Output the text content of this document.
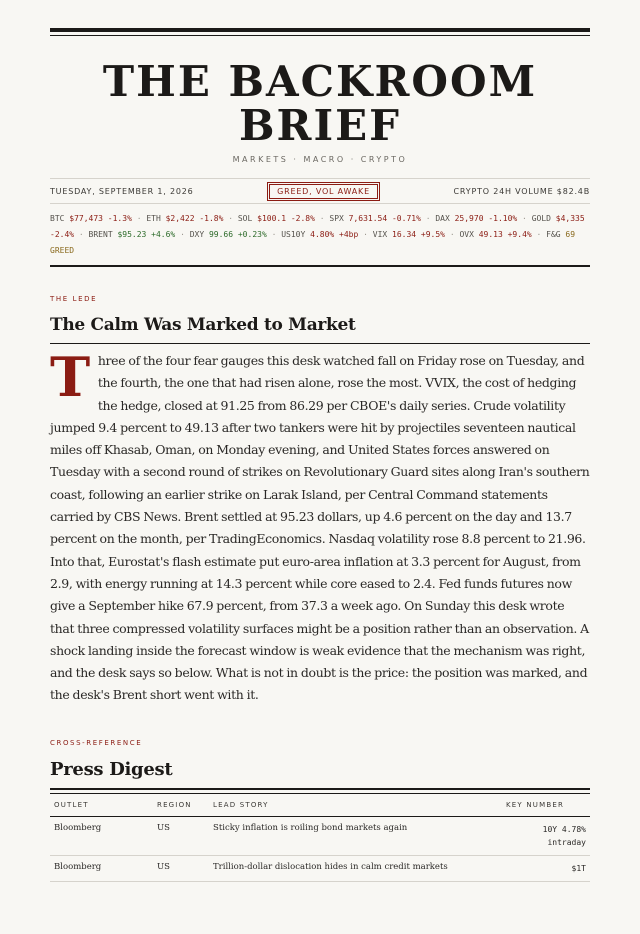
THE BACKROOM
BRIEF
MARKETS · MACRO · CRYPTO
TUESDAY, SEPTEMBER 1, 2026	GREED, VOL AWAKE	CRYPTO 24H VOLUME $82.4B
BTC $77,473 -1.3% · ETH $2,422 -1.8% · SOL $100.1 -2.8% · SPX 7,631.54 -0.71% · DAX 25,970 -1.10% · GOLD $4,335 -2.4% · BRENT $95.23 +4.6% · DXY 99.66 +0.23% · US10Y 4.80% +4bp · VIX 16.34 +9.5% · OVX 49.13 +9.4% · F&G 69 GREED
THE LEDE
The Calm Was Marked to Market
Three of the four fear gauges this desk watched fall on Friday rose on Tuesday, and the fourth, the one that had risen alone, rose the most. VVIX, the cost of hedging the hedge, closed at 91.25 from 86.29 per CBOE's daily series. Crude volatility jumped 9.4 percent to 49.13 after two tankers were hit by projectiles seventeen nautical miles off Khasab, Oman, on Monday evening, and United States forces answered on Tuesday with a second round of strikes on Revolutionary Guard sites along Iran's southern coast, following an earlier strike on Larak Island, per Central Command statements carried by CBS News. Brent settled at 95.23 dollars, up 4.6 percent on the day and 13.7 percent on the month, per TradingEconomics. Nasdaq volatility rose 8.8 percent to 21.96. Into that, Eurostat's flash estimate put euro-area inflation at 3.3 percent for August, from 2.9, with energy running at 14.3 percent while core eased to 2.4. Fed funds futures now give a September hike 67.9 percent, from 37.3 a week ago. On Sunday this desk wrote that three compressed volatility surfaces might be a position rather than an observation. A shock landing inside the forecast window is weak evidence that the mechanism was right, and the desk says so below. What is not in doubt is the price: the position was marked, and the desk's Brent short went with it.
CROSS-REFERENCE
Press Digest
OUTLET	REGION	LEAD STORY	KEY NUMBER
Bloomberg	US	Sticky inflation is roiling bond markets again	10Y 4.78%
intraday

Bloomberg	US	Trillion-dollar dislocation hides in calm credit markets	$1T
